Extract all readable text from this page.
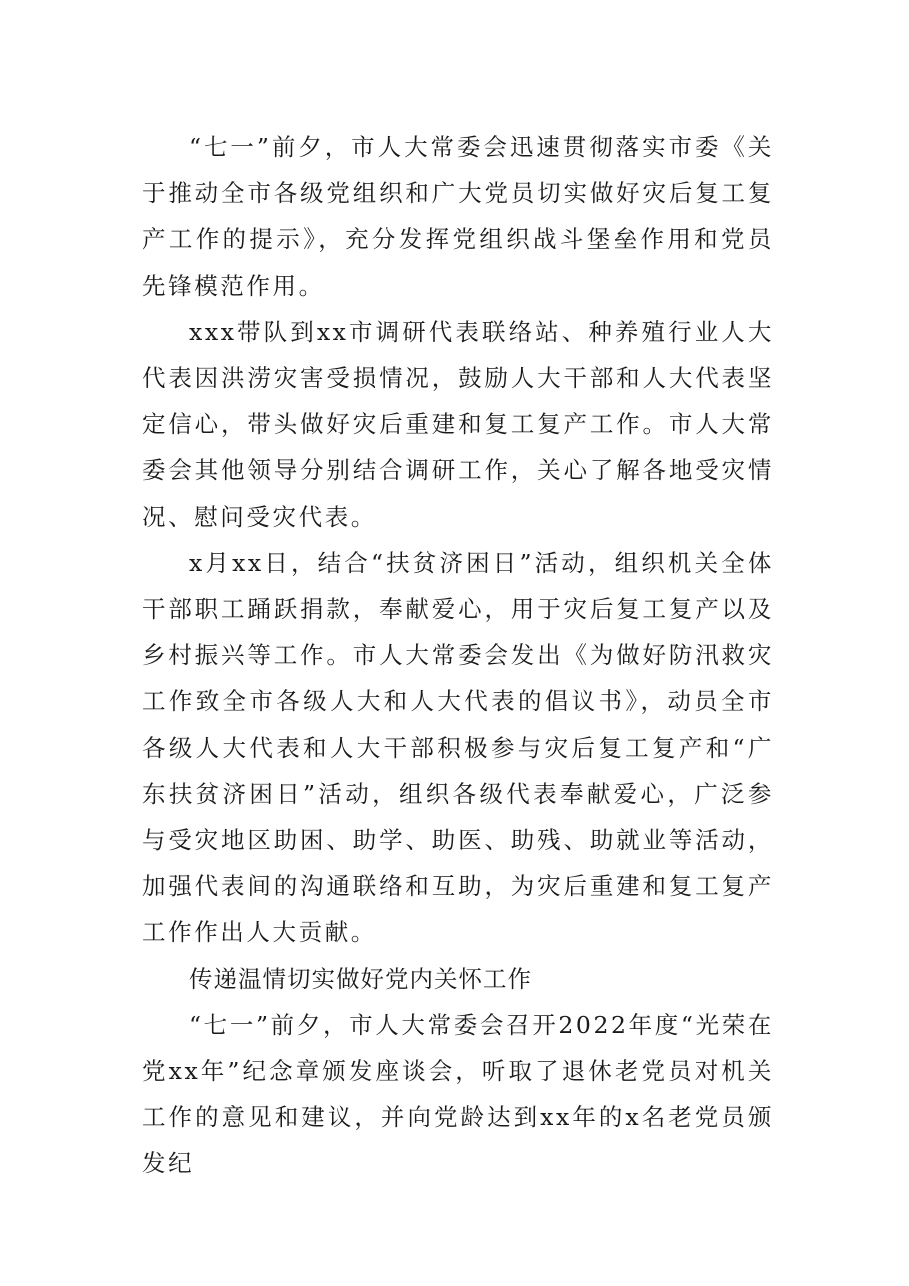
“七一”前夕，市人大常委会迅速贯彻落实市委《关于推动全市各级党组织和广大党员切实做好灾后复工复产工作的提示》，充分发挥党组织战斗堡垒作用和党员先锋模范作用。

xxx带队到xx市调研代表联络站、种养殖行业人大代表因洪涝灾害受损情况，鼓励人大干部和人大代表坚定信心，带头做好灾后重建和复工复产工作。市人大常委会其他领导分别结合调研工作，关心了解各地受灾情况、慰问受灾代表。

x月xx日，结合“扶贫济困日”活动，组织机关全体干部职工踊跃捐款，奉献爱心，用于灾后复工复产以及乡村振兴等工作。市人大常委会发出《为做好防汛救灾工作致全市各级人大和人大代表的倡议书》，动员全市各级人大代表和人大干部积极参与灾后复工复产和“广东扶贫济困日”活动，组织各级代表奉献爱心，广泛参与受灾地区助困、助学、助医、助残、助就业等活动，加强代表间的沟通联络和互助，为灾后重建和复工复产工作作出人大贡献。

传递温情切实做好党内关怀工作

“七一”前夕，市人大常委会召开2022年度“光荣在党xx年”纪念章颁发座谈会，听取了退休老党员对机关工作的意见和建议，并向党龄达到xx年的x名老党员颁发纪
